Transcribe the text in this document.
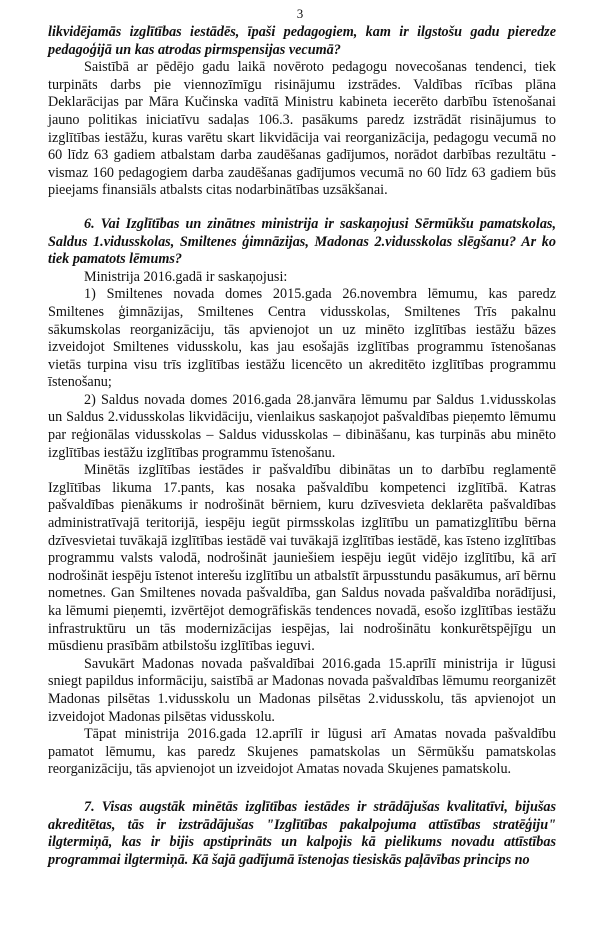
3

likvidējamās izglītības iestādēs, īpaši pedagogiem, kam ir ilgstošu gadu pieredze pedagoģijā un kas atrodas pirmspensijas vecumā?

Saistībā ar pēdējo gadu laikā novēroto pedagogu novecošanas tendenci, tiek turpināts darbs pie viennozīmīgu risinājumu izstrādes. Valdības rīcības plāna Deklarācijas par Māra Kučinska vadītā Ministru kabineta iecerēto darbību īstenošanai jauno politikas iniciatīvu sadaļas 106.3. pasākums paredz izstrādāt risinājumus to izglītības iestāžu, kuras varētu skart likvidācija vai reorganizācija, pedagogu vecumā no 60 līdz 63 gadiem atbalstam darba zaudēšanas gadījumos, norādot darbības rezultātu - vismaz 160 pedagogiem darba zaudēšanas gadījumos vecumā no 60 līdz 63 gadiem būs pieejams finansiāls atbalsts citas nodarbinātības uzsākšanai.

6. Vai Izglītības un zinātnes ministrija ir saskaņojusi Sērmūkšu pamatskolas, Saldus 1.vidusskolas, Smiltenes ģimnāzijas, Madonas 2.vidusskolas slēgšanu? Ar ko tiek pamatots lēmums?

Ministrija 2016.gadā ir saskaņojusi:

1) Smiltenes novada domes 2015.gada 26.novembra lēmumu, kas paredz Smiltenes ģimnāzijas, Smiltenes Centra vidusskolas, Smiltenes Trīs pakalnu sākumskolas reorganizāciju, tās apvienojot un uz minēto izglītības iestāžu bāzes izveidojot Smiltenes vidusskolu, kas jau esošajās izglītības programmu īstenošanas vietās turpina visu trīs izglītības iestāžu licencēto un akreditēto izglītības programmu īstenošanu;

2) Saldus novada domes 2016.gada 28.janvāra lēmumu par Saldus 1.vidusskolas un Saldus 2.vidusskolas likvidāciju, vienlaikus saskaņojot pašvaldības pieņemto lēmumu par reģionālas vidusskolas – Saldus vidusskolas – dibināšanu, kas turpinās abu minēto izglītības iestāžu izglītības programmu īstenošanu.

Minētās izglītības iestādes ir pašvaldību dibinātas un to darbību reglamentē Izglītības likuma 17.pants, kas nosaka pašvaldību kompetenci izglītībā. Katras pašvaldības pienākums ir nodrošināt bērniem, kuru dzīvesvieta deklarēta pašvaldības administratīvajā teritorijā, iespēju iegūt pirmsskolas izglītību un pamatizglītību bērna dzīvesvietai tuvākajā izglītības iestādē vai tuvākajā izglītības iestādē, kas īsteno izglītības programmu valsts valodā, nodrošināt jauniešiem iespēju iegūt vidējo izglītību, kā arī nodrošināt iespēju īstenot interešu izglītību un atbalstīt ārpusstundu pasākumus, arī bērnu nometnes. Gan Smiltenes novada pašvaldība, gan Saldus novada pašvaldība norādījusi, ka lēmumi pieņemti, izvērtējot demogrāfiskās tendences novadā, esošo izglītības iestāžu infrastruktūru un tās modernizācijas iespējas, lai nodrošinātu konkurētspējīgu un mūsdienu prasībām atbilstošu izglītības ieguvi.

Savukārt Madonas novada pašvaldībai 2016.gada 15.aprīlī ministrija ir lūgusi sniegt papildus informāciju, saistībā ar Madonas novada pašvaldības lēmumu reorganizēt Madonas pilsētas 1.vidusskolu un Madonas pilsētas 2.vidusskolu, tās apvienojot un izveidojot Madonas pilsētas vidusskolu.

Tāpat ministrija 2016.gada 12.aprīlī ir lūgusi arī Amatas novada pašvaldību pamatot lēmumu, kas paredz Skujenes pamatskolas un Sērmūkšu pamatskolas reorganizāciju, tās apvienojot un izveidojot Amatas novada Skujenes pamatskolu.

7. Visas augstāk minētās izglītības iestādes ir strādājušas kvalitatīvi, bijušas akreditētas, tās ir izstrādājušas "Izglītības pakalpojuma attīstības stratēģiju" ilgtermiņā, kas ir bijis apstiprināts un kalpojis kā pielikums novadu attīstības programmai ilgtermiņā. Kā šajā gadījumā īstenojas tiesiskās paļāvības princips no
